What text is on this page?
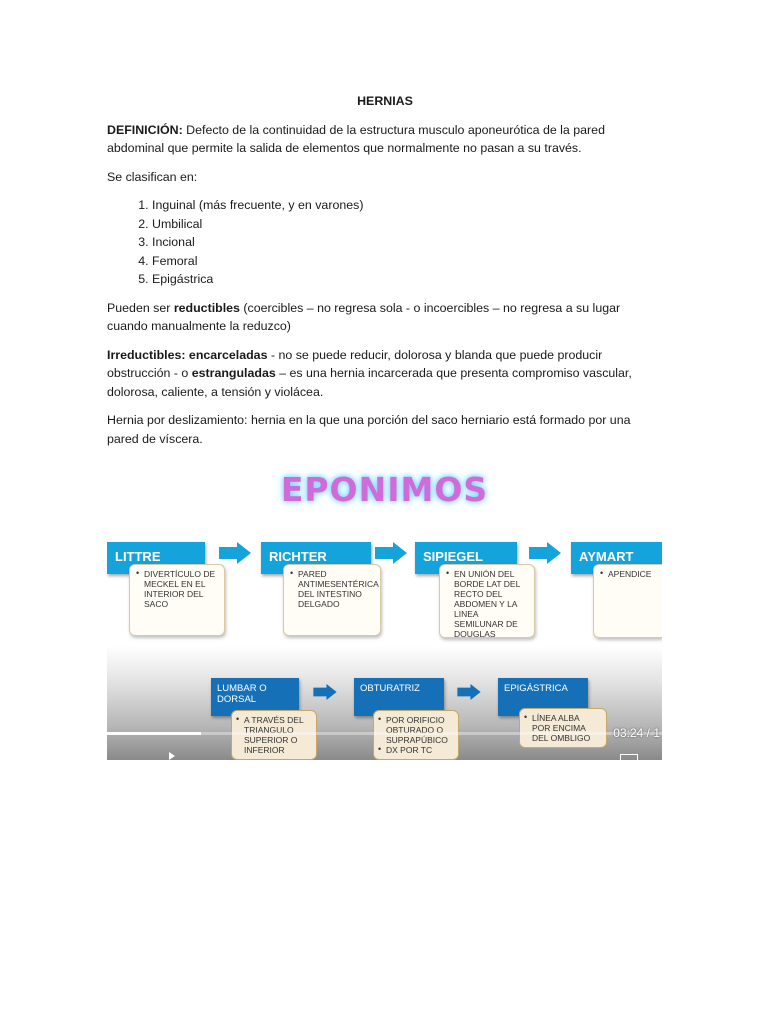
HERNIAS

DEFINICIÓN: Defecto de la continuidad de la estructura musculo aponeurótica de la pared abdominal que permite la salida de elementos que normalmente no pasan a su través.

Se clasifican en:

1. Inguinal (más frecuente, y en varones)
2. Umbilical
3. Incional
4. Femoral
5. Epigástrica

Pueden ser reductibles (coercibles – no regresa sola - o incoercibles – no regresa a su lugar cuando manualmente la reduzco)

Irreductibles: encarceladas - no se puede reducir, dolorosa y blanda que puede producir obstrucción - o estranguladas – es una hernia incarcerada que presenta compromiso vascular, dolorosa, caliente, a tensión y violácea.

Hernia por deslizamiento: hernia en la que una porción del saco herniario está formado por una pared de víscera.

EPONIMOS
LITTRE
• DIVERTÍCULO DE MECKEL EN EL INTERIOR DEL SACO
RICHTER
• PARED ANTIMESENTÉRICA DEL INTESTINO DELGADO
SIPIEGEL
• EN UNIÓN DEL BORDE LAT DEL RECTO DEL ABDOMEN Y LA LINEA SEMILUNAR DE DOUGLAS
AYMART
• APENDICE
LUMBAR O DORSAL
• A TRAVÉS DEL TRIANGULO SUPERIOR O INFERIOR
OBTURATRIZ
• POR ORIFICIO OBTURADO O SUPRAPÚBICO

• DX POR TC
EPIGÁSTRICA
• LÍNEA ALBA POR ENCIMA DEL OMBLIGO	03:24 / 1
